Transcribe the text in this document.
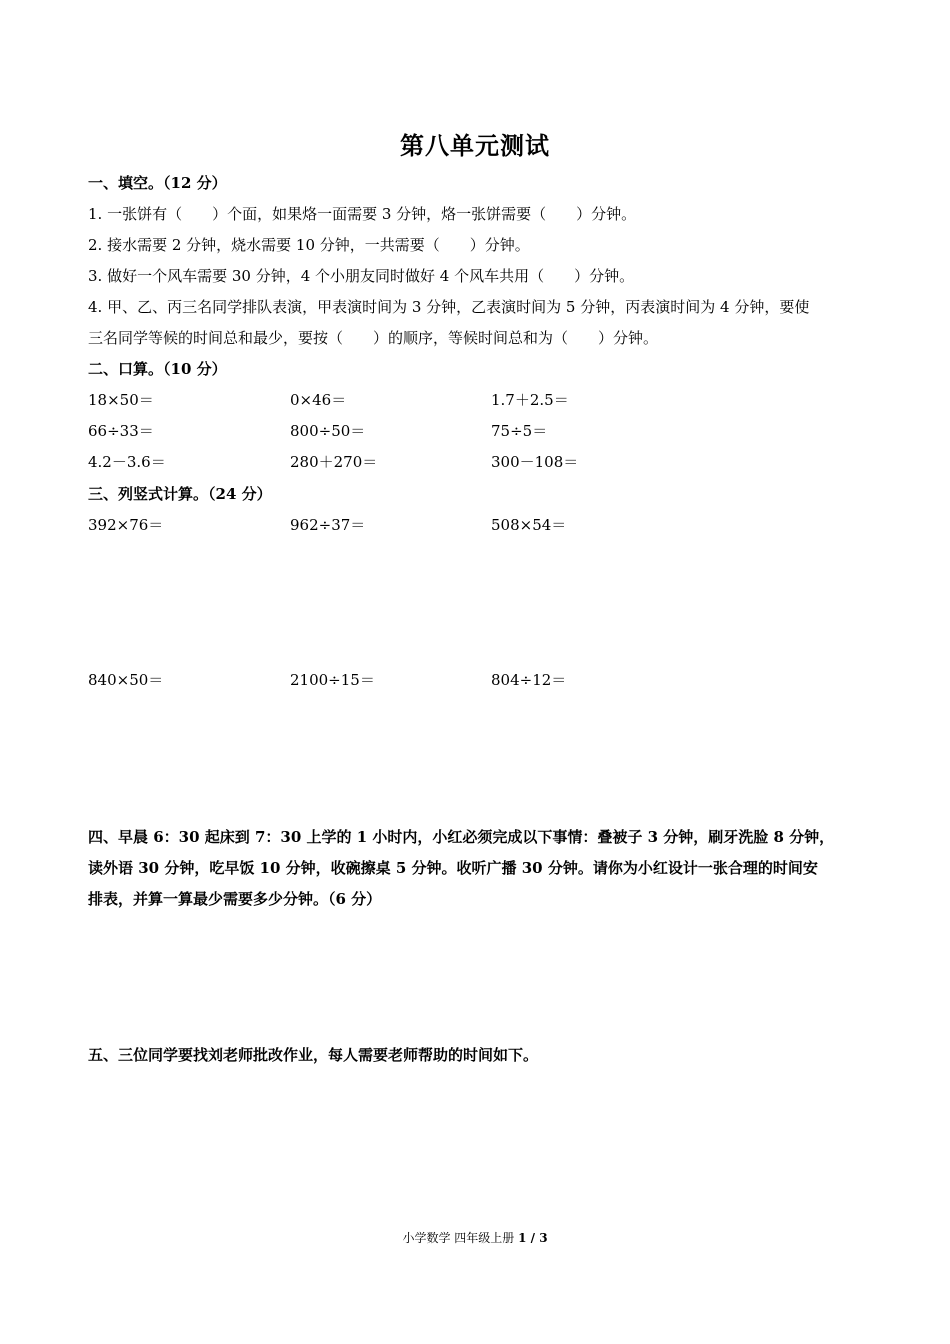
第八单元测试
一、填空。（12 分）
1. 一张饼有（　　）个面，如果烙一面需要 3 分钟，烙一张饼需要（　　）分钟。
2. 接水需要 2 分钟，烧水需要 10 分钟，一共需要（　　）分钟。
3. 做好一个风车需要 30 分钟，4 个小朋友同时做好 4 个风车共用（　　）分钟。
4. 甲、乙、丙三名同学排队表演，甲表演时间为 3 分钟，乙表演时间为 5 分钟，丙表演时间为 4 分钟，要使
三名同学等候的时间总和最少，要按（　　）的顺序，等候时间总和为（　　）分钟。
二、口算。（10 分）
18×50＝	0×46＝	1.7＋2.5＝
66÷33＝	800÷50＝	75÷5＝
4.2－3.6＝	280＋270＝	300－108＝
三、列竖式计算。（24 分）
392×76＝	962÷37＝	508×54＝
840×50＝	2100÷15＝	804÷12＝
四、早晨 6：30 起床到 7：30 上学的 1 小时内，小红必须完成以下事情：叠被子 3 分钟，刷牙洗脸 8 分钟，
读外语 30 分钟，吃早饭 10 分钟，收碗擦桌 5 分钟。收听广播 30 分钟。请你为小红设计一张合理的时间安
排表，并算一算最少需要多少分钟。（6 分）
五、三位同学要找刘老师批改作业，每人需要老师帮助的时间如下。
小学数学 四年级上册 1 / 3
